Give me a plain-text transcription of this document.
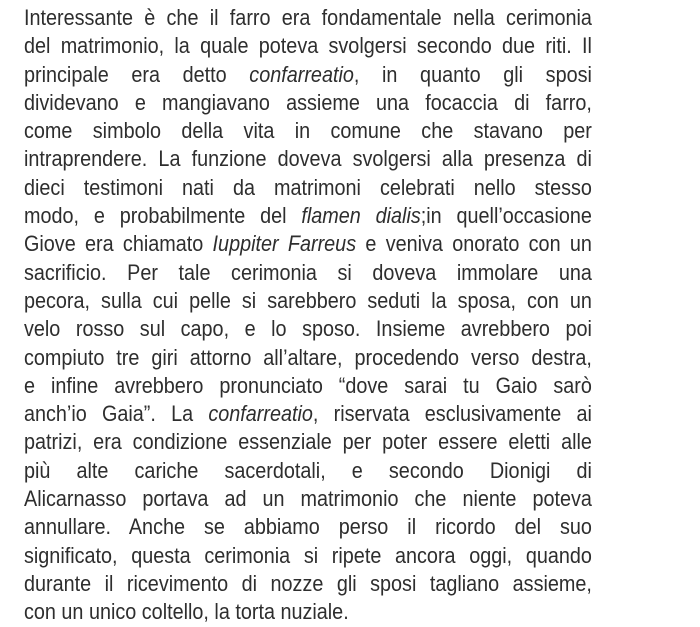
Interessante è che il farro era fondamentale nella cerimonia
del matrimonio, la quale poteva svolgersi secondo due riti. Il
principale era detto confarreatio, in quanto gli sposi
dividevano e mangiavano assieme una focaccia di farro,
come simbolo della vita in comune che stavano per
intraprendere. La funzione doveva svolgersi alla presenza di
dieci testimoni nati da matrimoni celebrati nello stesso
modo, e probabilmente del flamen dialis;in quell’occasione
Giove era chiamato Iuppiter Farreus e veniva onorato con un
sacrificio. Per tale cerimonia si doveva immolare una
pecora, sulla cui pelle si sarebbero seduti la sposa, con un
velo rosso sul capo, e lo sposo. Insieme avrebbero poi
compiuto tre giri attorno all’altare, procedendo verso destra,
e infine avrebbero pronunciato “dove sarai tu Gaio sarò
anch’io Gaia”. La confarreatio, riservata esclusivamente ai
patrizi, era condizione essenziale per poter essere eletti alle
più alte cariche sacerdotali, e secondo Dionigi di
Alicarnasso portava ad un matrimonio che niente poteva
annullare. Anche se abbiamo perso il ricordo del suo
significato, questa cerimonia si ripete ancora oggi, quando
durante il ricevimento di nozze gli sposi tagliano assieme,
con un unico coltello, la torta nuziale.
